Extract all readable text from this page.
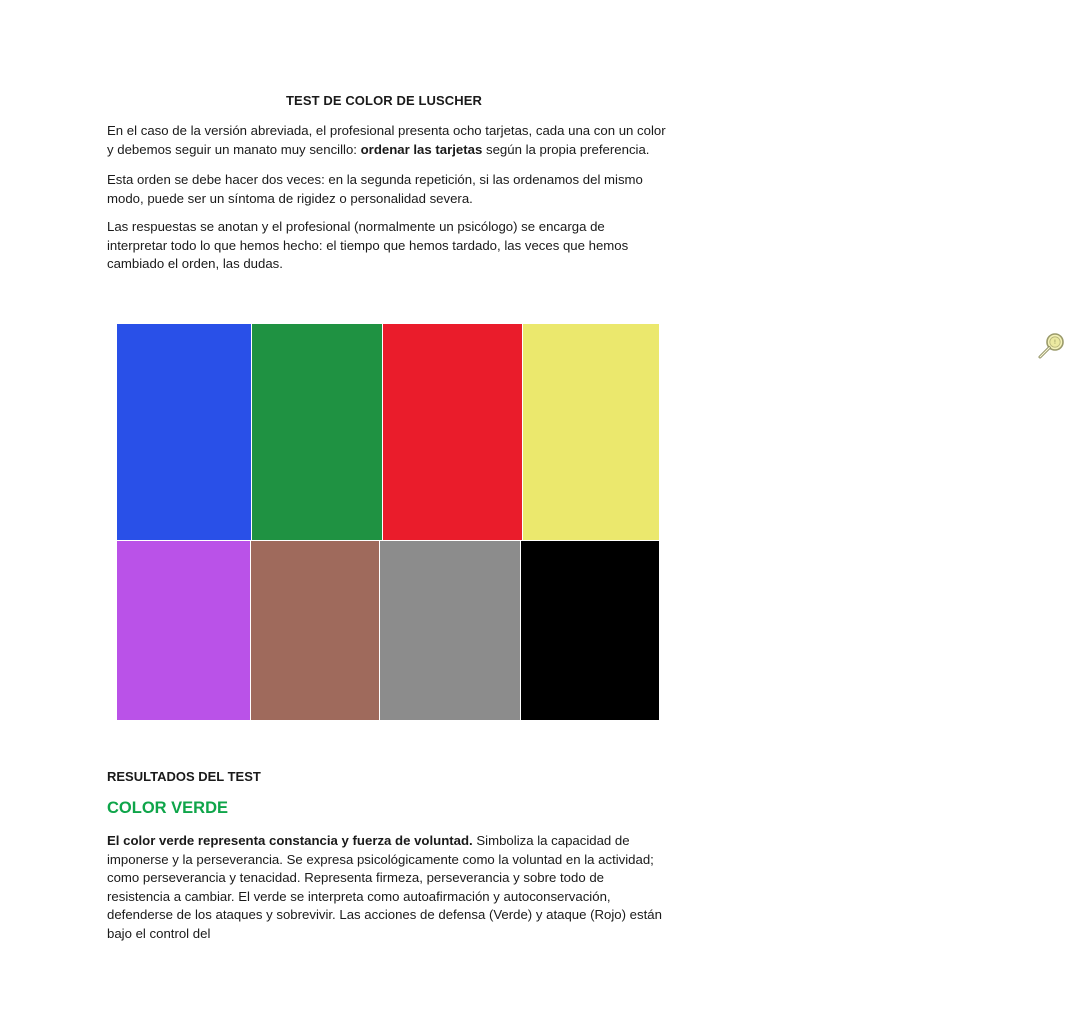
TEST DE COLOR DE LUSCHER

En el caso de la versión abreviada, el profesional presenta ocho tarjetas, cada una con un color y debemos seguir un manato muy sencillo: ordenar las tarjetas según la propia preferencia.

Esta orden se debe hacer dos veces: en la segunda repetición, si las ordenamos del mismo modo, puede ser un síntoma de rigidez o personalidad severa.

Las respuestas se anotan y el profesional (normalmente un psicólogo) se encarga de interpretar todo lo que hemos hecho: el tiempo que hemos tardado, las veces que hemos cambiado el orden, las dudas.

!
RESULTADOS DEL TEST
COLOR VERDE

El color verde representa constancia y fuerza de voluntad. Simboliza la capacidad de imponerse y la perseverancia. Se expresa psicológicamente como la voluntad en la actividad; como perseverancia y tenacidad. Representa firmeza, perseverancia y sobre todo de resistencia a cambiar. El verde se interpreta como autoafirmación y autoconservación, defenderse de los ataques y sobrevivir. Las acciones de defensa (Verde) y ataque (Rojo) están bajo el control del
